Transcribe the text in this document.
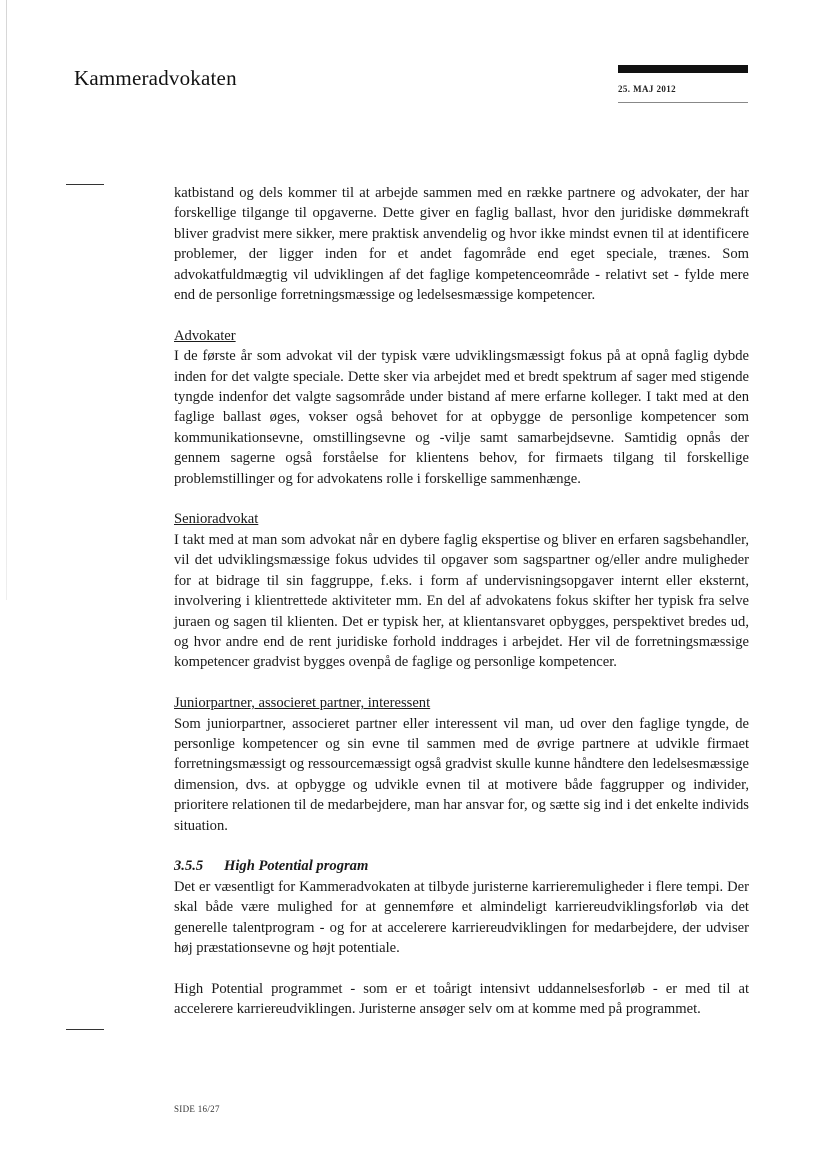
Kammeradvokaten	25. MAJ 2012

katbistand og dels kommer til at arbejde sammen med en række partnere og advokater, der har forskellige tilgange til opgaverne. Dette giver en faglig ballast, hvor den juridiske dømmekraft bliver gradvist mere sikker, mere praktisk anvendelig og hvor ikke mindst evnen til at identificere problemer, der ligger inden for et andet fagområde end eget speciale, trænes. Som advokatfuldmægtig vil udviklingen af det faglige kompetenceområde - relativt set - fylde mere end de personlige forretningsmæssige og ledelsesmæssige kompetencer.

Advokater
I de første år som advokat vil der typisk være udviklingsmæssigt fokus på at opnå faglig dybde inden for det valgte speciale. Dette sker via arbejdet med et bredt spektrum af sager med stigende tyngde indenfor det valgte sagsområde under bistand af mere erfarne kolleger. I takt med at den faglige ballast øges, vokser også behovet for at opbygge de personlige kompetencer som kommunikationsevne, omstillingsevne og -vilje samt samarbejdsevne. Samtidig opnås der gennem sagerne også forståelse for klientens behov, for firmaets tilgang til forskellige problemstillinger og for advokatens rolle i forskellige sammenhænge.

Senioradvokat
I takt med at man som advokat når en dybere faglig ekspertise og bliver en erfaren sagsbehandler, vil det udviklingsmæssige fokus udvides til opgaver som sagspartner og/eller andre muligheder for at bidrage til sin faggruppe, f.eks. i form af undervisningsopgaver internt eller eksternt, involvering i klientrettede aktiviteter mm. En del af advokatens fokus skifter her typisk fra selve juraen og sagen til klienten. Det er typisk her, at klientansvaret opbygges, perspektivet bredes ud, og hvor andre end de rent juridiske forhold inddrages i arbejdet. Her vil de forretningsmæssige kompetencer gradvist bygges ovenpå de faglige og personlige kompetencer.

Juniorpartner, associeret partner, interessent
Som juniorpartner, associeret partner eller interessent vil man, ud over den faglige tyngde, de personlige kompetencer og sin evne til sammen med de øvrige partnere at udvikle firmaet forretningsmæssigt og ressourcemæssigt også gradvist skulle kunne håndtere den ledelsesmæssige dimension, dvs. at opbygge og udvikle evnen til at motivere både faggrupper og individer, prioritere relationen til de medarbejdere, man har ansvar for, og sætte sig ind i det enkelte individs situation.

3.5.5 High Potential program
Det er væsentligt for Kammeradvokaten at tilbyde juristerne karrieremuligheder i flere tempi. Der skal både være mulighed for at gennemføre et almindeligt karriereudviklingsforløb via det generelle talentprogram - og for at accelerere karriereudviklingen for medarbejdere, der udviser høj præstationsevne og højt potentiale.

High Potential programmet - som er et toårigt intensivt uddannelsesforløb - er med til at accelerere karriereudviklingen. Juristerne ansøger selv om at komme med på programmet.

SIDE 16/27
